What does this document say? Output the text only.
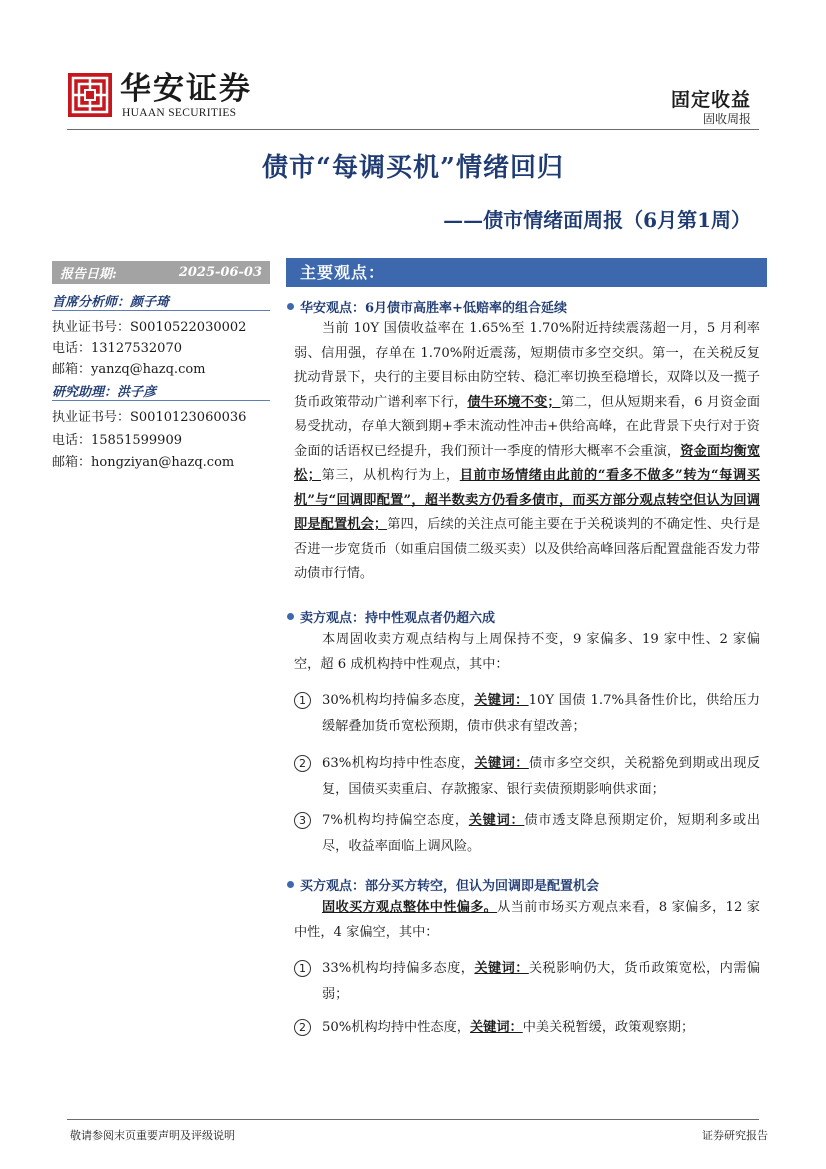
华安证券
HUAAN SECURITIES
固定收益
固收周报
债市“每调买机”情绪回归
——债市情绪面周报（6月第1周）
报告日期:	2025-06-03
首席分析师：颜子琦
执业证书号：S0010522030002
电话：13127532070
邮箱：yanzq@hazq.com
研究助理：洪子彦
执业证书号：S0010123060036
电话：15851599909
邮箱：hongziyan@hazq.com
主要观点：
华安观点：6月债市高胜率+低赔率的组合延续
当前 10Y 国债收益率在 1.65%至 1.70%附近持续震荡超一月，5 月利率弱、信用强，存单在 1.70%附近震荡，短期债市多空交织。第一，在关税反复扰动背景下，央行的主要目标由防空转、稳汇率切换至稳增长，双降以及一揽子货币政策带动广谱利率下行，债牛环境不变；第二，但从短期来看，6 月资金面易受扰动，存单大额到期+季末流动性冲击+供给高峰，在此背景下央行对于资金面的话语权已经提升，我们预计一季度的情形大概率不会重演，资金面均衡宽松；第三，从机构行为上，目前市场情绪由此前的“看多不做多”转为“每调买机”与“回调即配置”，超半数卖方仍看多债市，而买方部分观点转空但认为回调即是配置机会；第四，后续的关注点可能主要在于关税谈判的不确定性、央行是否进一步宽货币（如重启国债二级买卖）以及供给高峰回落后配置盘能否发力带动债市行情。
卖方观点：持中性观点者仍超六成
本周固收卖方观点结构与上周保持不变，9 家偏多、19 家中性、2 家偏空，超 6 成机构持中性观点，其中：
1	30%机构均持偏多态度，关键词：10Y 国债 1.7%具备性价比，供给压力缓解叠加货币宽松预期，债市供求有望改善；
2	63%机构均持中性态度，关键词：债市多空交织，关税豁免到期或出现反复，国债买卖重启、存款搬家、银行卖债预期影响供求面；
3	7%机构均持偏空态度，关键词：债市透支降息预期定价，短期利多或出尽，收益率面临上调风险。
买方观点：部分买方转空，但认为回调即是配置机会
固收买方观点整体中性偏多。从当前市场买方观点来看，8 家偏多，12 家中性，4 家偏空，其中：
1	33%机构均持偏多态度，关键词：关税影响仍大，货币政策宽松，内需偏弱；
2	50%机构均持中性态度，关键词：中美关税暂缓，政策观察期；
敬请参阅末页重要声明及评级说明	证券研究报告
